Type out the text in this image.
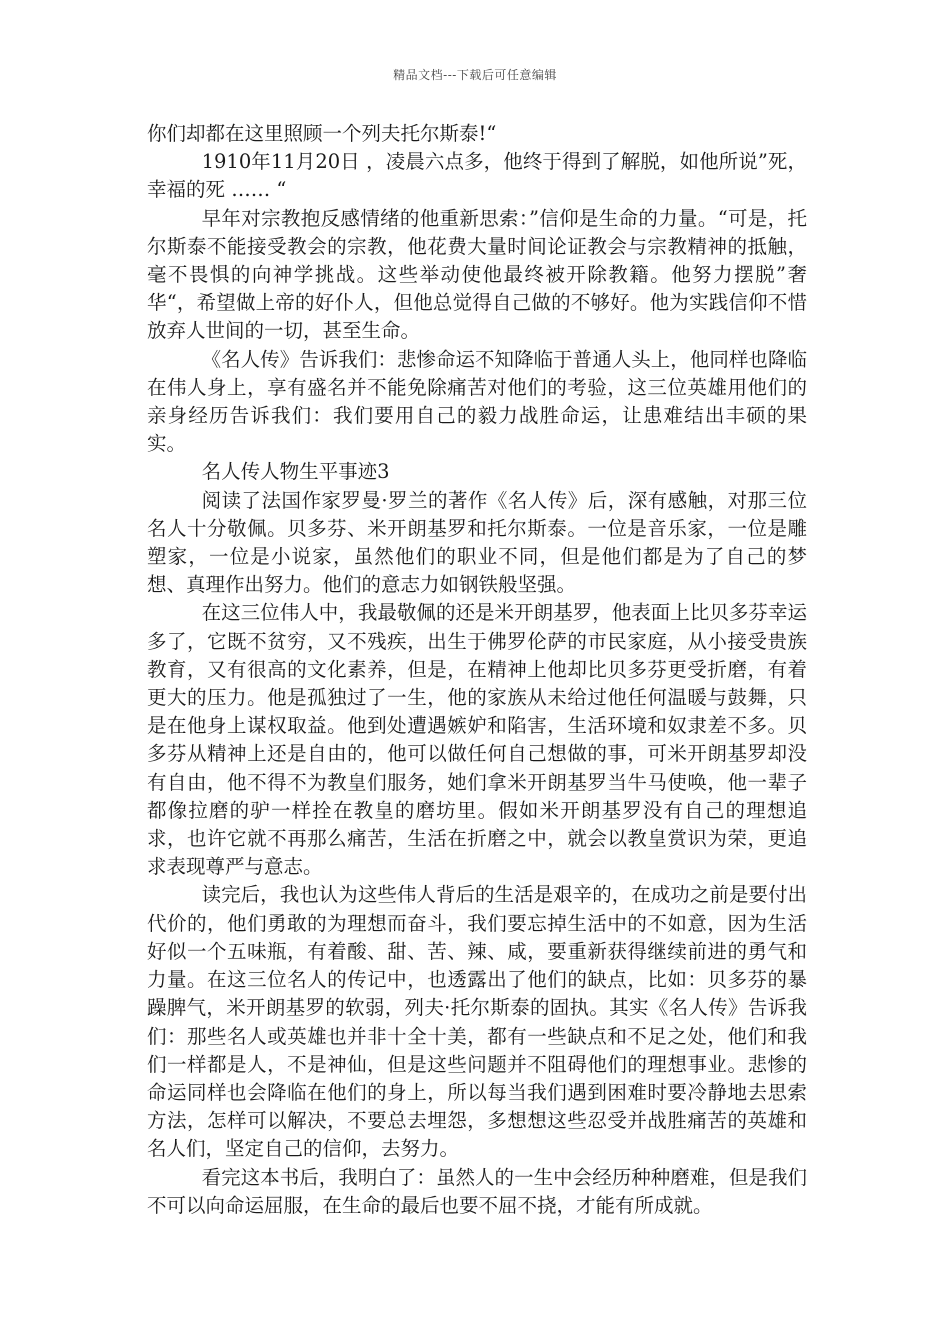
精品文档---下载后可任意编辑

你们却都在这里照顾一个列夫托尔斯泰!“

1910年11月20日 ，凌晨六点多，他终于得到了解脱，如他所说”死，幸福的死 …… “

早年对宗教抱反感情绪的他重新思索：”信仰是生命的力量。“可是，托尔斯泰不能接受教会的宗教，他花费大量时间论证教会与宗教精神的抵触，毫不畏惧的向神学挑战。这些举动使他最终被开除教籍。他努力摆脱”奢华“，希望做上帝的好仆人，但他总觉得自己做的不够好。他为实践信仰不惜放弃人世间的一切，甚至生命。

《名人传》告诉我们：悲惨命运不知降临于普通人头上，他同样也降临在伟人身上，享有盛名并不能免除痛苦对他们的考验，这三位英雄用他们的亲身经历告诉我们：我们要用自己的毅力战胜命运，让患难结出丰硕的果实。

名人传人物生平事迹3

阅读了法国作家罗曼·罗兰的著作《名人传》后，深有感触，对那三位名人十分敬佩。贝多芬、米开朗基罗和托尔斯泰。一位是音乐家，一位是雕塑家，一位是小说家，虽然他们的职业不同，但是他们都是为了自己的梦想、真理作出努力。他们的意志力如钢铁般坚强。

在这三位伟人中，我最敬佩的还是米开朗基罗，他表面上比贝多芬幸运多了，它既不贫穷，又不残疾，出生于佛罗伦萨的市民家庭，从小接受贵族教育，又有很高的文化素养，但是，在精神上他却比贝多芬更受折磨，有着更大的压力。他是孤独过了一生，他的家族从未给过他任何温暖与鼓舞，只是在他身上谋权取益。他到处遭遇嫉妒和陷害，生活环境和奴隶差不多。贝多芬从精神上还是自由的，他可以做任何自己想做的事，可米开朗基罗却没有自由，他不得不为教皇们服务，她们拿米开朗基罗当牛马使唤，他一辈子都像拉磨的驴一样拴在教皇的磨坊里。假如米开朗基罗没有自己的理想追求，也许它就不再那么痛苦，生活在折磨之中，就会以教皇赏识为荣，更追求表现尊严与意志。

读完后，我也认为这些伟人背后的生活是艰辛的，在成功之前是要付出代价的，他们勇敢的为理想而奋斗，我们要忘掉生活中的不如意，因为生活好似一个五味瓶，有着酸、甜、苦、辣、咸，要重新获得继续前进的勇气和力量。在这三位名人的传记中，也透露出了他们的缺点，比如：贝多芬的暴躁脾气，米开朗基罗的软弱，列夫·托尔斯泰的固执。其实《名人传》告诉我们：那些名人或英雄也并非十全十美，都有一些缺点和不足之处，他们和我们一样都是人，不是神仙，但是这些问题并不阻碍他们的理想事业。悲惨的命运同样也会降临在他们的身上，所以每当我们遇到困难时要冷静地去思索方法，怎样可以解决，不要总去埋怨，多想想这些忍受并战胜痛苦的英雄和名人们，坚定自己的信仰，去努力。

看完这本书后，我明白了：虽然人的一生中会经历种种磨难，但是我们不可以向命运屈服，在生命的最后也要不屈不挠，才能有所成就。
